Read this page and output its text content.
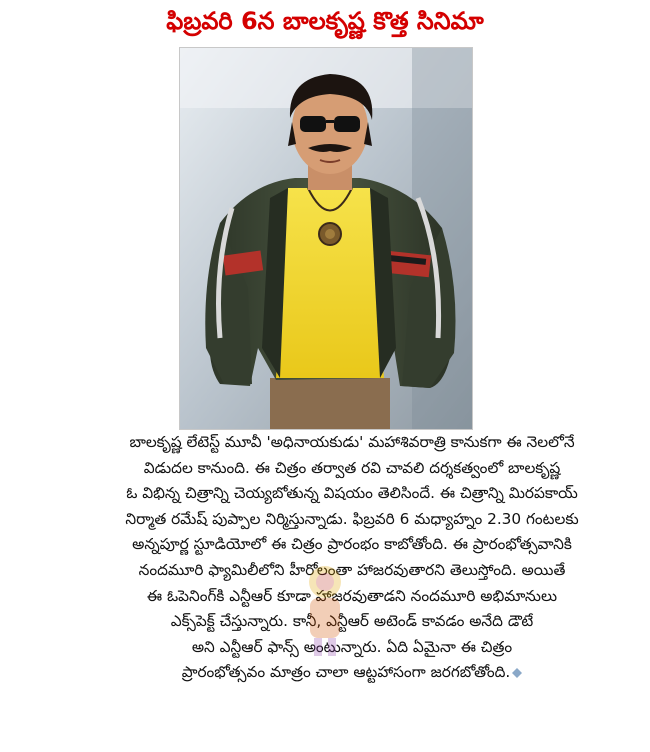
ఫిబ్రవరి 6న బాలకృష్ణ కొత్త సినిమా
బాలకృష్ణ లేటెస్ట్ మూవీ 'అధినాయకుడు' మహాశివరాత్రి కానుకగా ఈ నెలలోనే
విడుదల కానుంది. ఈ చిత్రం తర్వాత రవి చావలి దర్శకత్వంలో బాలకృష్ణ
ఓ విభిన్న చిత్రాన్ని చెయ్యబోతున్న విషయం తెలిసిందే. ఈ చిత్రాన్ని మిరపకాయ్
నిర్మాత రమేష్ పుప్పాల నిర్మిస్తున్నాడు. ఫిబ్రవరి 6 మధ్యాహ్నం 2.30 గంటలకు
అన్నపూర్ణ స్టూడియోలో ఈ చిత్రం ప్రారంభం కాబోతోంది. ఈ ప్రారంభోత్సవానికి
నందమూరి ఫ్యామిలీలోని హీరోలంతా హాజరవుతారని తెలుస్తోంది. అయితే
ఈ ఓపెనింగ్‌కి ఎన్టీఆర్ కూడా హాజరవుతాడని నందమూరి అభిమానులు
ఎక్స్‌పెక్ట్ చేస్తున్నారు. కానీ, ఎన్టీఆర్ అటెండ్ కావడం అనేది డౌటే
అని ఎన్టీఆర్ ఫాన్స్ అంటున్నారు. ఏది ఏమైనా ఈ చిత్రం
ప్రారంభోత్సవం మాత్రం చాలా ఆట్టహాసంగా జరగబోతోంది.
